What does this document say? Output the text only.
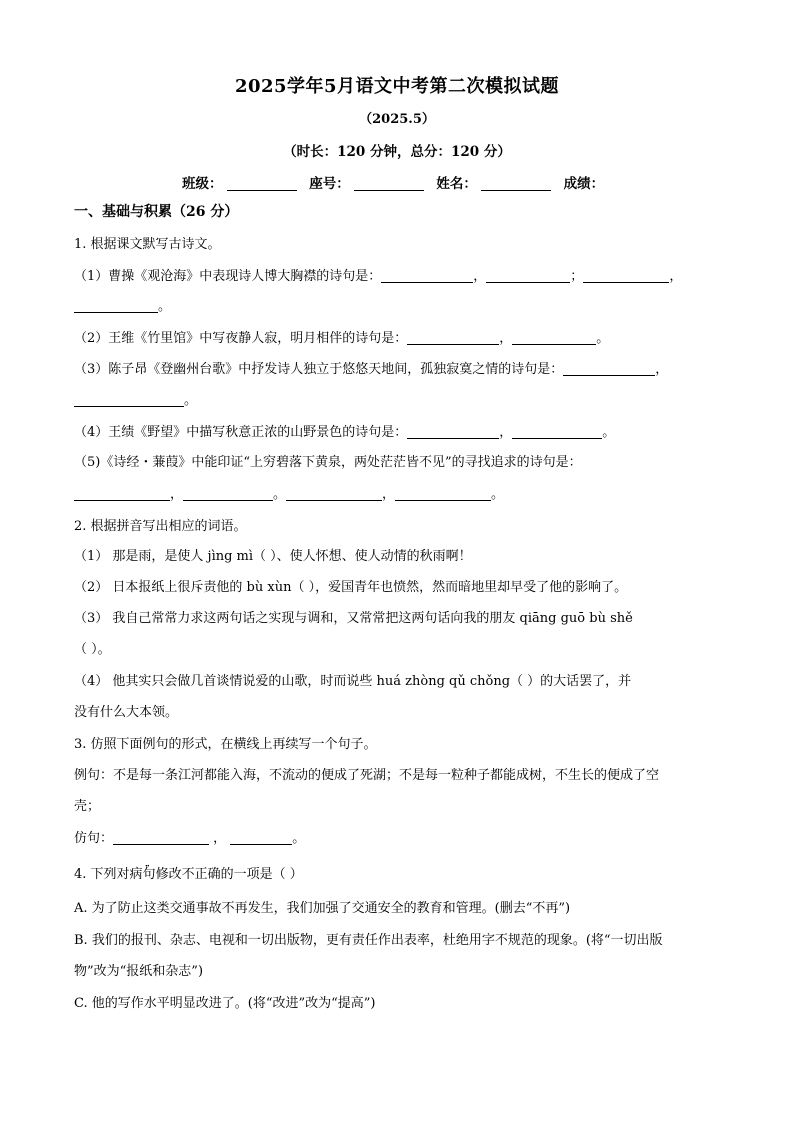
2025学年5月语文中考第二次模拟试题
（2025.5）
（时长：120 分钟，总分：120 分）
班级：	座号：	姓名：	成绩：
一、基础与积累（26 分）
1. 根据课文默写古诗文。
（1）曹操《观沧海》中表现诗人博大胸襟的诗句是：	，	；	，
。
（2）王维《竹里馆》中写夜静人寂，明月相伴的诗句是：	，	。
（3）陈子昂《登幽州台歌》中抒发诗人独立于悠悠天地间，孤独寂寞之情的诗句是：	，
。
（4）王绩《野望》中描写秋意正浓的山野景色的诗句是：	，	。
（5)《诗经・蒹葭》中能印证“上穷碧落下黄泉，两处茫茫皆不见”的寻找追求的诗句是：
，	。	，	。
2. 根据拼音写出相应的词语。
（1） 那是雨，是使人 jìng mì（ ）、使人怀想、使人动情的秋雨啊！
（2） 日本报纸上很斥责他的 bù xùn（ ），爱国青年也愤然，然而暗地里却早受了他的影响了。
（3） 我自己常常力求这两句话之实现与调和，又常常把这两句话向我的朋友 qiāng guō bù shě
（ ）。
（4） 他其实只会做几首谈情说爱的山歌，时而说些 huá zhòng qǔ chǒng（ ）的大话罢了，并
没有什么大本领。
3. 仿照下面例句的形式，在横线上再续写一个句子。
例句：不是每一条江河都能入海，不流动的便成了死湖；不是每一粒种子都能成树，不生长的便成了空
壳；
仿句：	，	。
4. 下列对病·· 句修改不正确的一项是（ ）
A. 为了防止这类交通事故不再发生，我们加强了交通安全的教育和管理。(删去“不再”)
B. 我们的报刊、杂志、电视和一切出版物，更有责任作出表率，杜绝用字不规范的现象。(将“一切出版
物”改为“报纸和杂志”)
C. 他的写作水平明显改进了。(将“改进”改为“提高”)
